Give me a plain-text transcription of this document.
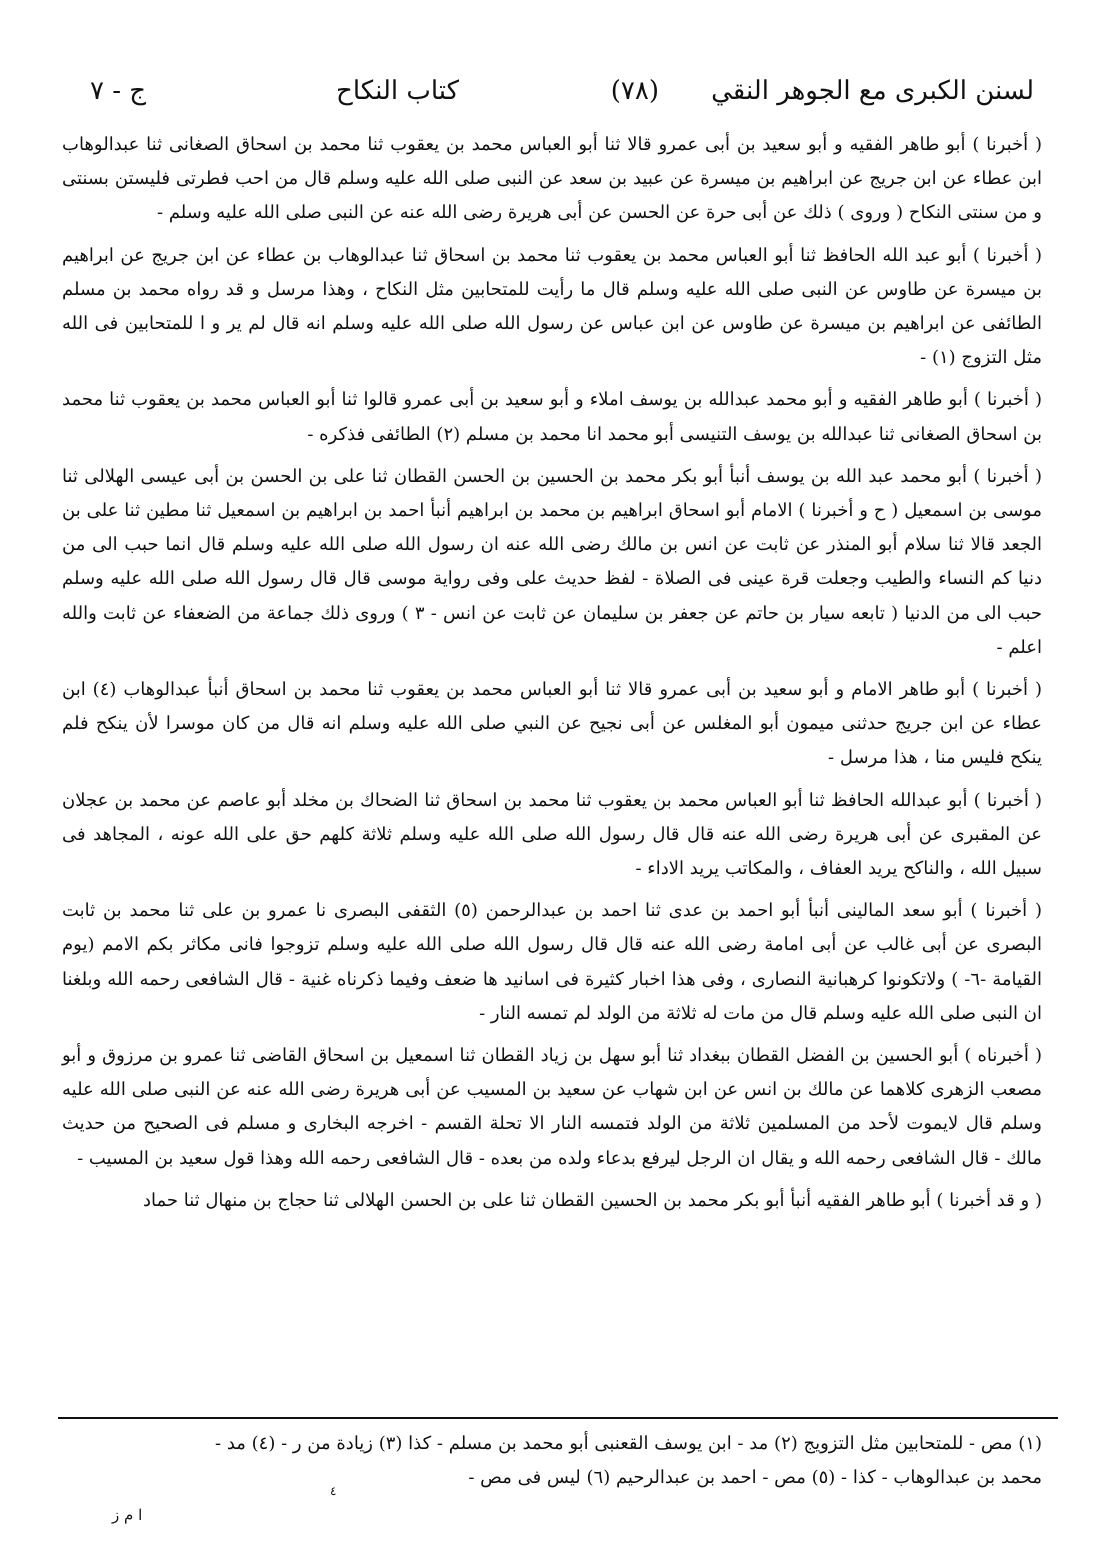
لسنن الكبرى مع الجوهر النقي
(٧٨)
كتاب النكاح
ج - ٧

( أخبرنا ) أبو طاهر الفقيه و أبو سعيد بن أبى عمرو قالا ثنا أبو العباس محمد بن يعقوب ثنا محمد بن اسحاق الصغانى ثنا عبدالوهاب ابن عطاء عن ابن جريج عن ابراهيم بن ميسرة عن عبيد بن سعد عن النبى صلى الله عليه وسلم قال من احب فطرتى فليستن بسنتى و من سنتى النكاح ( وروى ) ذلك عن أبى حرة عن الحسن عن أبى هريرة رضى الله عنه عن النبى صلى الله عليه وسلم -

( أخبرنا ) أبو عبد الله الحافظ ثنا أبو العباس محمد بن يعقوب ثنا محمد بن اسحاق ثنا عبدالوهاب بن عطاء عن ابن جريج عن ابراهيم بن ميسرة عن طاوس عن النبى صلى الله عليه وسلم قال ما رأيت للمتحابين مثل النكاح ، وهذا مرسل و قد رواه محمد بن مسلم الطائفى عن ابراهيم بن ميسرة عن طاوس عن ابن عباس عن رسول الله صلى الله عليه وسلم انه قال لم ير و ا للمتحابين فى الله مثل التزوج (١) -

( أخبرنا ) أبو طاهر الفقيه و أبو محمد عبدالله بن يوسف املاء و أبو سعيد بن أبى عمرو قالوا ثنا أبو العباس محمد بن يعقوب ثنا محمد بن اسحاق الصغانى ثنا عبدالله بن يوسف التنيسى أبو محمد انا محمد بن مسلم (٢) الطائفى فذكره -

( أخبرنا ) أبو محمد عبد الله بن يوسف أنبأ أبو بكر محمد بن الحسين بن الحسن القطان ثنا على بن الحسن بن أبى عيسى الهلالى ثنا موسى بن اسمعيل ( ح و أخبرنا ) الامام أبو اسحاق ابراهيم بن محمد بن ابراهيم أنبأ احمد بن ابراهيم بن اسمعيل ثنا مطين ثنا على بن الجعد قالا ثنا سلام أبو المنذر عن ثابت عن انس بن مالك رضى الله عنه ان رسول الله صلى الله عليه وسلم قال انما حبب الى من دنيا كم النساء والطيب وجعلت قرة عينى فى الصلاة - لفظ حديث على وفى رواية موسى قال قال رسول الله صلى الله عليه وسلم حبب الى من الدنيا ( تابعه سيار بن حاتم عن جعفر بن سليمان عن ثابت عن انس - ٣ ) وروى ذلك جماعة من الضعفاء عن ثابت والله اعلم -

( أخبرنا ) أبو طاهر الامام و أبو سعيد بن أبى عمرو قالا ثنا أبو العباس محمد بن يعقوب ثنا محمد بن اسحاق أنبأ عبدالوهاب (٤) ابن عطاء عن ابن جريج حدثنى ميمون أبو المغلس عن أبى نجيح عن النبي صلى الله عليه وسلم انه قال من كان موسرا لأن ينكح فلم ينكح فليس منا ، هذا مرسل -

( أخبرنا ) أبو عبدالله الحافظ ثنا أبو العباس محمد بن يعقوب ثنا محمد بن اسحاق ثنا الضحاك بن مخلد أبو عاصم عن محمد بن عجلان عن المقبرى عن أبى هريرة رضى الله عنه قال قال رسول الله صلى الله عليه وسلم ثلاثة كلهم حق على الله عونه ، المجاهد فى سبيل الله ، والناكح يريد العفاف ، والمكاتب يريد الاداء -

( أخبرنا ) أبو سعد المالينى أنبأ أبو احمد بن عدى ثنا احمد بن عبدالرحمن (٥) الثقفى البصرى نا عمرو بن على ثنا محمد بن ثابت البصرى عن أبى غالب عن أبى امامة رضى الله عنه قال قال رسول الله صلى الله عليه وسلم تزوجوا فانى مكاثر بكم الامم (يوم القيامة -٦- ) ولاتكونوا كرهبانية النصارى ، وفى هذا اخبار كثيرة فى اسانيد ها ضعف وفيما ذكرناه غنية - قال الشافعى رحمه الله وبلغنا ان النبى صلى الله عليه وسلم قال من مات له ثلاثة من الولد لم تمسه النار -

( أخبرناه ) أبو الحسين بن الفضل القطان ببغداد ثنا أبو سهل بن زياد القطان ثنا اسمعيل بن اسحاق القاضى ثنا عمرو بن مرزوق و أبو مصعب الزهرى كلاهما عن مالك بن انس عن ابن شهاب عن سعيد بن المسيب عن أبى هريرة رضى الله عنه عن النبى صلى الله عليه وسلم قال لايموت لأحد من المسلمين ثلاثة من الولد فتمسه النار الا تحلة القسم - اخرجه البخارى و مسلم فى الصحيح من حديث مالك - قال الشافعى رحمه الله و يقال ان الرجل ليرفع بدعاء ولده من بعده - قال الشافعى رحمه الله وهذا قول سعيد بن المسيب -

( و قد أخبرنا ) أبو طاهر الفقيه أنبأ أبو بكر محمد بن الحسين القطان ثنا على بن الحسن الهلالى ثنا حجاج بن منهال ثنا حماد

(١) مص - للمتحابين مثل التزويج (٢) مد - ابن يوسف القعنبى أبو محمد بن مسلم - كذا (٣) زيادة من ر - (٤) مد -

محمد بن عبدالوهاب - كذا - (٥) مص - احمد بن عبدالرحيم (٦) ليس فى مص -

٤
ا م ز
